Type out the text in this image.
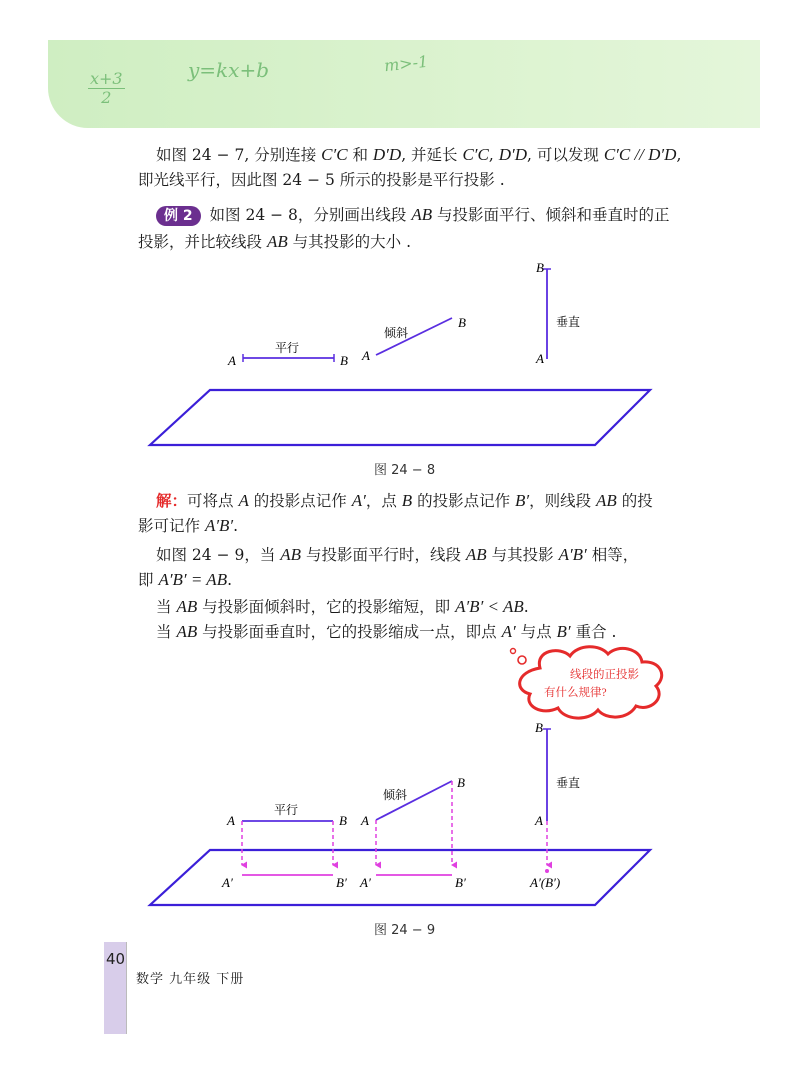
x+3
2
y=kx+b	m>-1

如图 24 − 7, 分别连接 C′C 和 D′D, 并延长 C′C, D′D, 可以发现 C′C // D′D,

即光线平行，因此图 24 − 5 所示的投影是平行投影 .

例 2 如图 24 − 8，分别画出线段 AB 与投影面平行、倾斜和垂直时的正

投影，并比较线段 AB 与其投影的大小 .

A	B
平行	A
B
倾斜
B
A
垂直
图 24 − 8

解：可将点 A 的投影点记作 A′，点 B 的投影点记作 B′，则线段 AB 的投

影可记作 A′B′.

如图 24 − 9，当 AB 与投影面平行时，线段 AB 与其投影 A′B′ 相等，

即 A′B′ = AB.

当 AB 与投影面倾斜时，它的投影缩短，即 A′B′ < AB.

当 AB 与投影面垂直时，它的投影缩成一点，即点 A′ 与点 B′ 重合 .

线段的正投影
有什么规律?
A	B
平行
A′	B′
A
B
倾斜
A′	B′
B
A
垂直
A′(B′)
图 24 − 9
40
数学 九年级 下册
